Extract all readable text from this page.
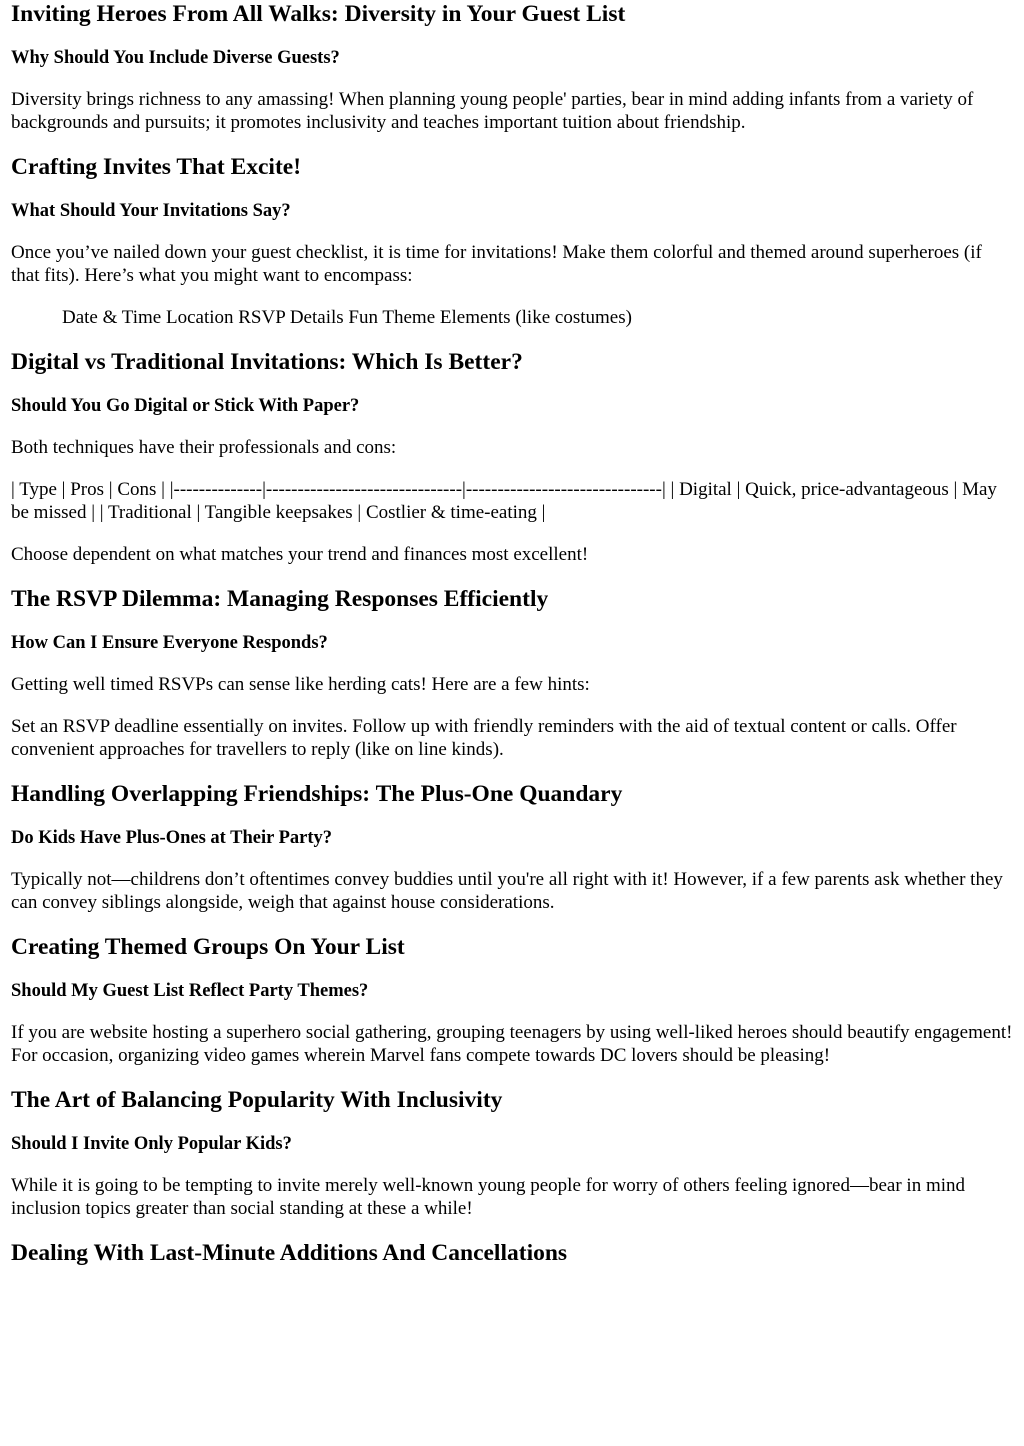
Inviting Heroes From All Walks: Diversity in Your Guest List
Why Should You Include Diverse Guests?

Diversity brings richness to any amassing! When planning young people' parties, bear in mind adding infants from a variety of backgrounds and pursuits; it promotes inclusivity and teaches important tuition about friendship.

Crafting Invites That Excite!
What Should Your Invitations Say?

Once you’ve nailed down your guest checklist, it is time for invitations! Make them colorful and themed around superheroes (if that fits). Here’s what you might want to encompass:

Date & Time Location RSVP Details Fun Theme Elements (like costumes)

Digital vs Traditional Invitations: Which Is Better?
Should You Go Digital or Stick With Paper?

Both techniques have their professionals and cons:

| Type | Pros | Cons | |--------------|-------------------------------|-------------------------------| | Digital | Quick, price-advantageous | May be missed | | Traditional | Tangible keepsakes | Costlier & time-eating |

Choose dependent on what matches your trend and finances most excellent!

The RSVP Dilemma: Managing Responses Efficiently
How Can I Ensure Everyone Responds?

Getting well timed RSVPs can sense like herding cats! Here are a few hints:

Set an RSVP deadline essentially on invites. Follow up with friendly reminders with the aid of textual content or calls. Offer convenient approaches for travellers to reply (like on line kinds).

Handling Overlapping Friendships: The Plus-One Quandary
Do Kids Have Plus-Ones at Their Party?

Typically not—childrens don’t oftentimes convey buddies until you're all right with it! However, if a few parents ask whether they can convey siblings alongside, weigh that against house considerations.

Creating Themed Groups On Your List
Should My Guest List Reflect Party Themes?

If you are website hosting a superhero social gathering, grouping teenagers by using well-liked heroes should beautify engagement! For occasion, organizing video games wherein Marvel fans compete towards DC lovers should be pleasing!

The Art of Balancing Popularity With Inclusivity
Should I Invite Only Popular Kids?

While it is going to be tempting to invite merely well-known young people for worry of others feeling ignored—bear in mind inclusion topics greater than social standing at these a while!

Dealing With Last-Minute Additions And Cancellations
